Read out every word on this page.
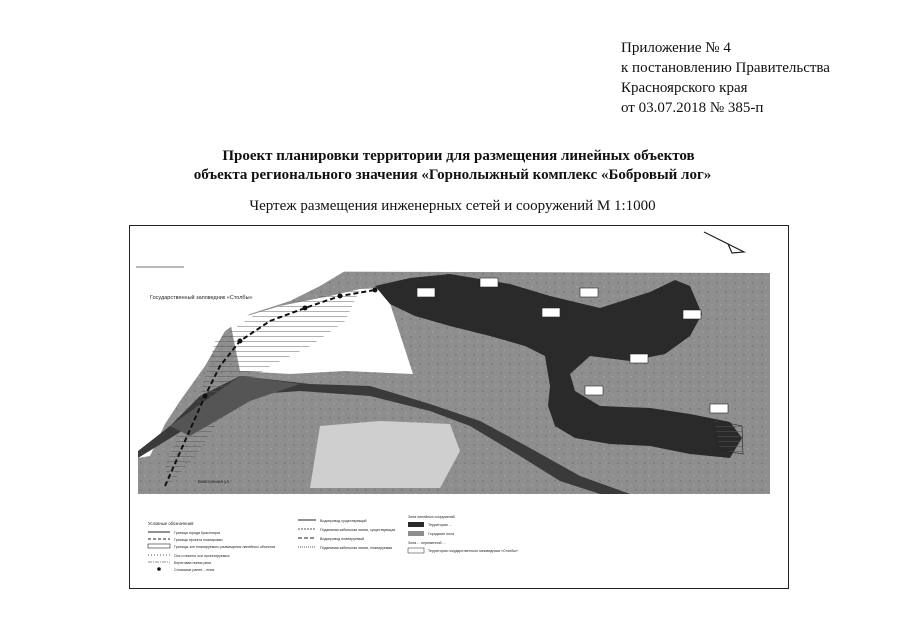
Приложение № 4
к постановлению Правительства
Красноярского края
от 03.07.2018 № 385-п
Проект планировки территории для размещения линейных объектов
объекта регионального значения «Горнолыжный комплекс «Бобровый лог»
Чертеж размещения инженерных сетей и сооружений М 1:1000
Государственный заповедник «Столбы»
Биатлонная ул.
Условные обозначения:
Граница города Красноярск
Граница проекта планировки
Границы зон планируемого размещения линейных объектов
Ось и пикеты оси проектируемых
Береговая линия реки
Сносимые ранее ...ения
Водопровод существующий
Подземная кабельная линия, существующая
Водопровод планируемый
Подземная кабельная линия, планируемая
Зона линейных сооружений
Территории ...
Городские леса
Зона ... переменной ...
Территории государственного заповедника «Столбы»
